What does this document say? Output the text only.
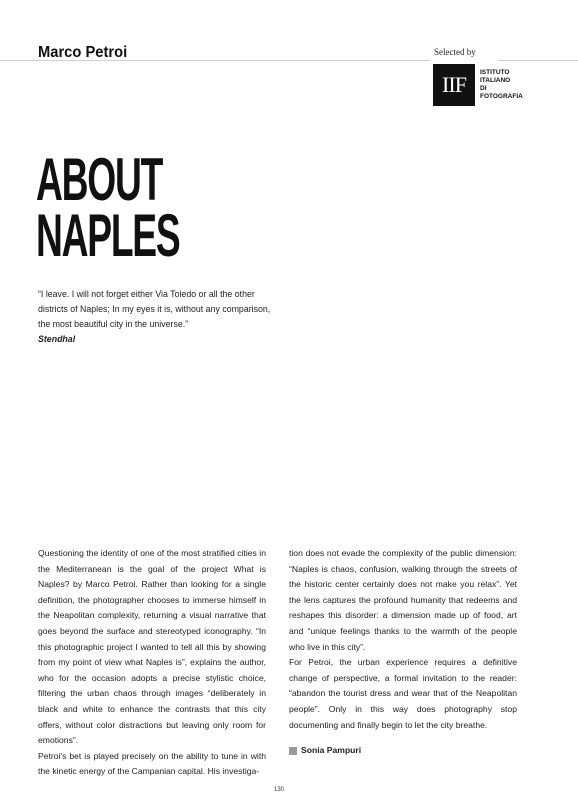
Marco Petroi	Selected by
IIF	ISTITUTO
ITALIANO
DI
FOTOGRAFIA
ABOUT
NAPLES
“I leave. I will not forget either Via Toledo or all the other districts of Naples; In my eyes it is, without any comparison, the most beautiful city in the universe.”
Stendhal

Questioning the identity of one of the most stratified cities in the Mediterranean is the goal of the project What is Naples? by Marco Petroi. Rather than looking for a single definition, the photographer chooses to immerse himself in the Neapolitan complexity, returning a visual narrative that goes beyond the surface and stereotyped iconography. “In this photographic project I wanted to tell all this by showing from my point of view what Naples is”, explains the author, who for the occasion adopts a precise stylistic choice, filtering the urban chaos through images “deliberately in black and white to enhance the contrasts that this city offers, without color distractions but leaving only room for emotions”.

Petroi's bet is played precisely on the ability to tune in with the kinetic energy of the Campanian capital. His investiga-

tion does not evade the complexity of the public dimension: “Naples is chaos, confusion, walking through the streets of the historic center certainly does not make you relax”. Yet the lens captures the profound humanity that redeems and reshapes this disorder: a dimension made up of food, art and “unique feelings thanks to the warmth of the people who live in this city”.

For Petroi, the urban experience requires a definitive change of perspective, a formal invitation to the reader: “abandon the tourist dress and wear that of the Neapolitan people”. Only in this way does photography stop documenting and finally begin to let the city breathe.

Sonia Pampuri

130
